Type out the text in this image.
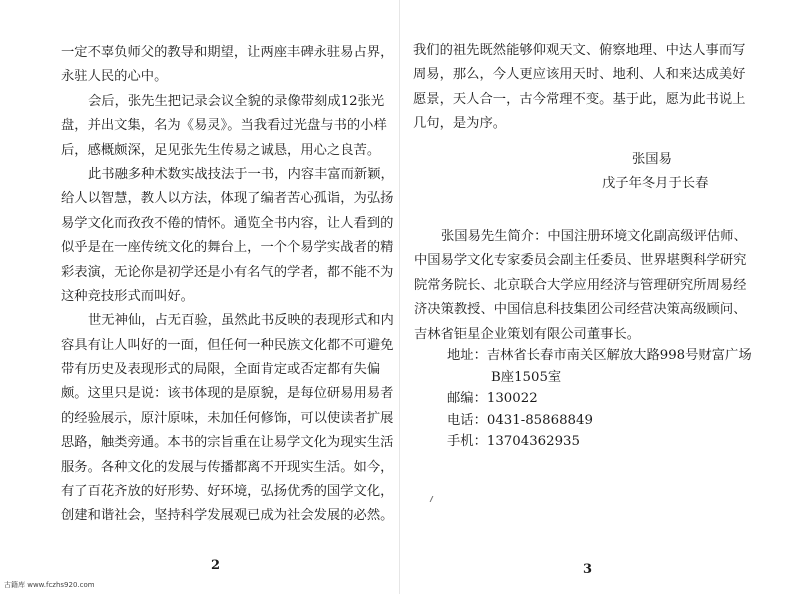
一定不辜负师父的教导和期望，让两座丰碑永驻易占界，
永驻人民的心中。
会后，张先生把记录会议全貌的录像带刻成12张光
盘，并出文集，名为《易灵》。当我看过光盘与书的小样
后，感概颇深，足见张先生传易之诚恳，用心之良苦。
此书融多种术数实战技法于一书，内容丰富而新颖，
给人以智慧，教人以方法，体现了编者苦心孤诣，为弘扬
易学文化而孜孜不倦的情怀。通览全书内容，让人看到的
似乎是在一座传统文化的舞台上，一个个易学实战者的精
彩表演，无论你是初学还是小有名气的学者，都不能不为
这种竞技形式而叫好。
世无神仙，占无百验，虽然此书反映的表现形式和内
容具有让人叫好的一面，但任何一种民族文化都不可避免
带有历史及表现形式的局限，全面肯定或否定都有失偏
颇。这里只是说：该书体现的是原貌，是每位研易用易者
的经验展示，原汁原味，未加任何修饰，可以使读者扩展
思路，触类旁通。本书的宗旨重在让易学文化为现实生活
服务。各种文化的发展与传播都离不开现实生活。如今，
有了百花齐放的好形势、好环境，弘扬优秀的国学文化，
创建和谐社会，坚持科学发展观已成为社会发展的必然。
2
我们的祖先既然能够仰观天文、俯察地理、中达人事而写
周易，那么，今人更应该用天时、地利、人和来达成美好
愿景，天人合一，古今常理不变。基于此，愿为此书说上
几句，是为序。
张国易
戊子年冬月于长春
张国易先生简介：中国注册环境文化副高级评估师、
中国易学文化专家委员会副主任委员、世界堪舆科学研究
院常务院长、北京联合大学应用经济与管理研究所周易经
济决策教授、中国信息科技集团公司经营决策高级顾问、
吉林省钜星企业策划有限公司董事长。
地址：吉林省长春市南关区解放大路998号财富广场
B座1505室
邮编：130022
电话：0431-85868849
手机：13704362935
3
古籍库 www.fczhs920.com
